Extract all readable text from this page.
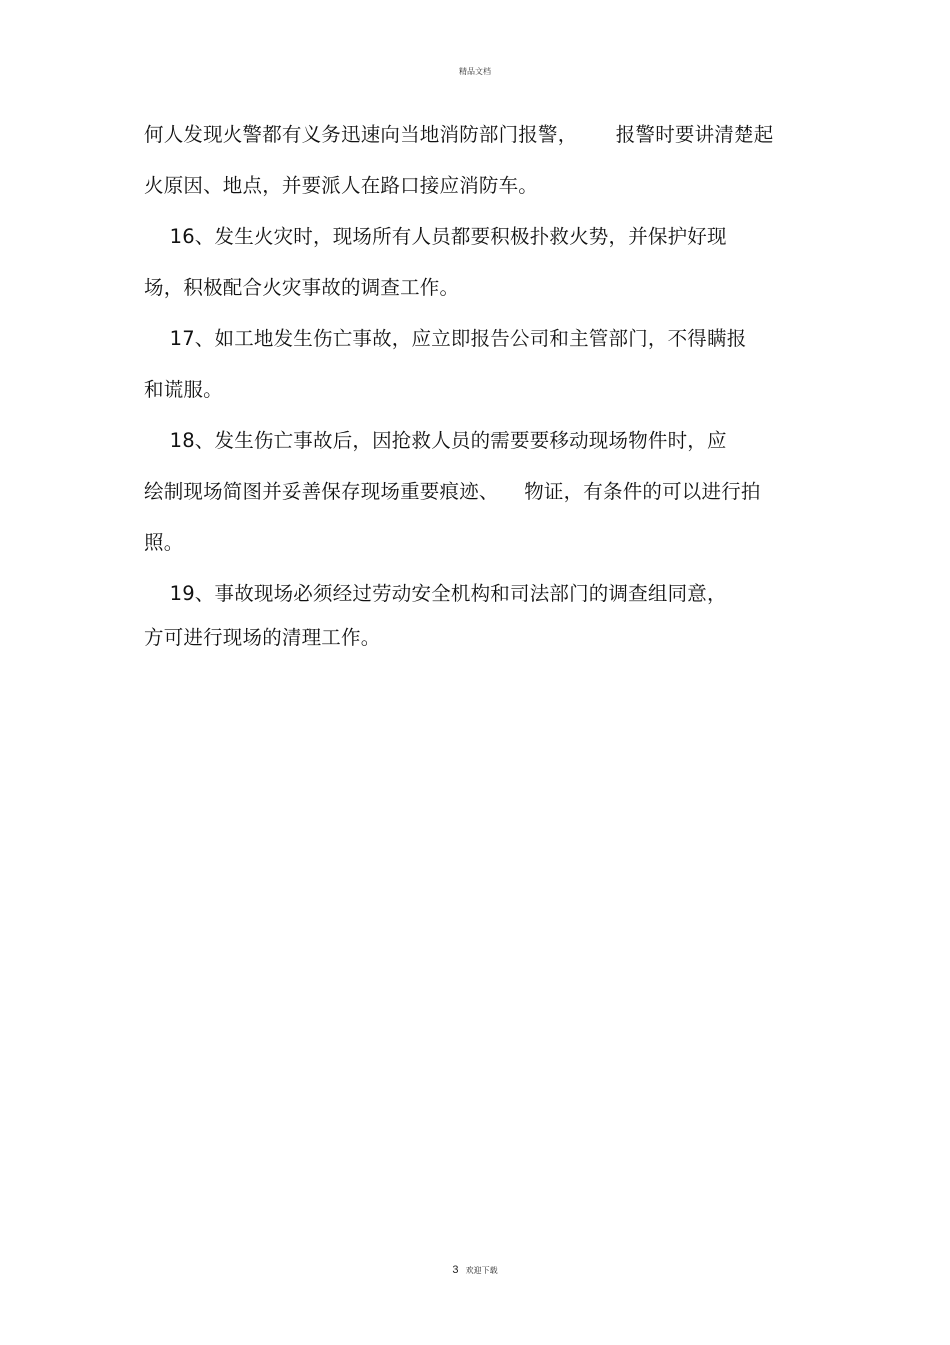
精品文档
何人发现火警都有义务迅速向当地消防部门报警，      报警时要讲清楚起
火原因、地点，并要派人在路口接应消防车。
16、发生火灾时，现场所有人员都要积极扑救火势，并保护好现
场，积极配合火灾事故的调查工作。
17、如工地发生伤亡事故，应立即报告公司和主管部门，不得瞒报
和谎服。
18、发生伤亡事故后，因抢救人员的需要要移动现场物件时，应
绘制现场简图并妥善保存现场重要痕迹、    物证，有条件的可以进行拍
照。
19、事故现场必须经过劳动安全机构和司法部门的调查组同意，
方可进行现场的清理工作。
3 欢迎下载
